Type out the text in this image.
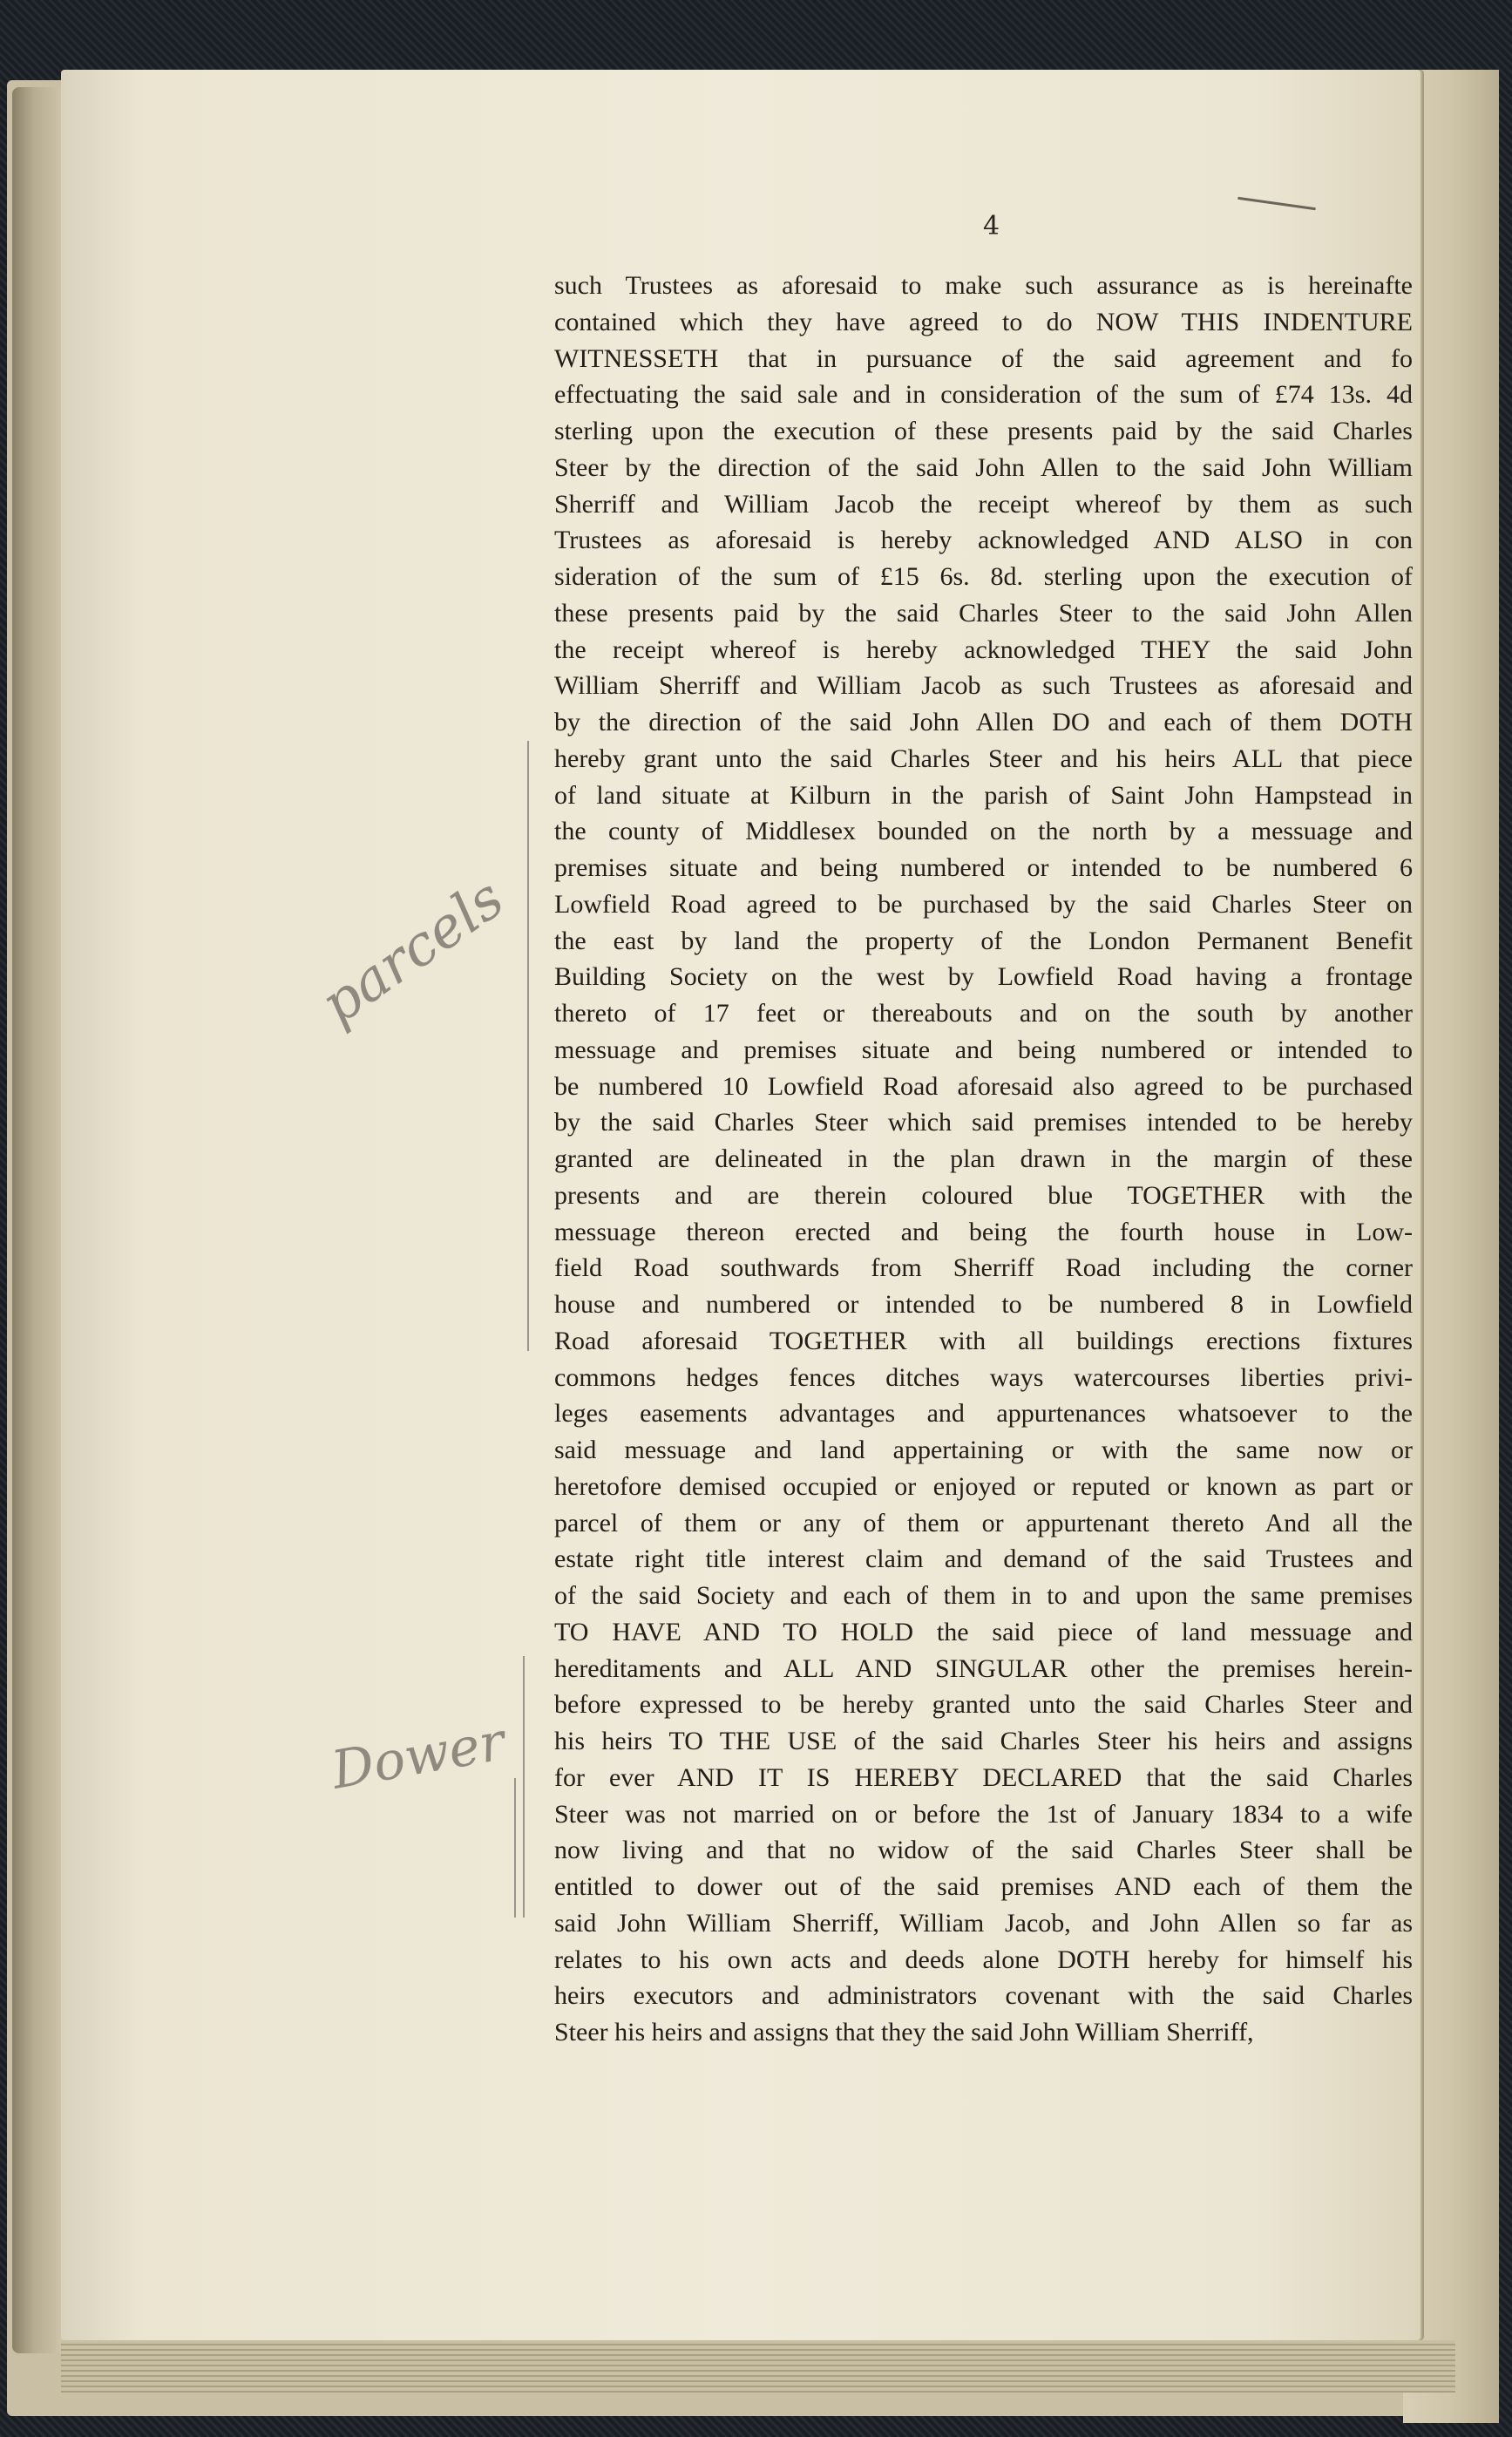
4
parcels
Dower
such Trustees as aforesaid to make such assurance as is hereinafte
contained which they have agreed to do NOW THIS INDENTURE
WITNESSETH that in pursuance of the said agreement and fo
effectuating the said sale and in consideration of the sum of £74 13s. 4d
sterling upon the execution of these presents paid by the said Charles
Steer by the direction of the said John Allen to the said John William
Sherriff and William Jacob the receipt whereof by them as such
Trustees as aforesaid is hereby acknowledged AND ALSO in con
sideration of the sum of £15 6s. 8d. sterling upon the execution of
these presents paid by the said Charles Steer to the said John Allen
the receipt whereof is hereby acknowledged THEY the said John
William Sherriff and William Jacob as such Trustees as aforesaid and
by the direction of the said John Allen DO and each of them DOTH
hereby grant unto the said Charles Steer and his heirs ALL that piece
of land situate at Kilburn in the parish of Saint John Hampstead in
the county of Middlesex bounded on the north by a messuage and
premises situate and being numbered or intended to be numbered 6
Lowfield Road agreed to be purchased by the said Charles Steer on
the east by land the property of the London Permanent Benefit
Building Society on the west by Lowfield Road having a frontage
thereto of 17 feet or thereabouts and on the south by another
messuage and premises situate and being numbered or intended to
be numbered 10 Lowfield Road aforesaid also agreed to be purchased
by the said Charles Steer which said premises intended to be hereby
granted are delineated in the plan drawn in the margin of these
presents and are therein coloured blue TOGETHER with the
messuage thereon erected and being the fourth house in Low-
field Road southwards from Sherriff Road including the corner
house and numbered or intended to be numbered 8 in Lowfield
Road aforesaid TOGETHER with all buildings erections fixtures
commons hedges fences ditches ways watercourses liberties privi-
leges easements advantages and appurtenances whatsoever to the
said messuage and land appertaining or with the same now or
heretofore demised occupied or enjoyed or reputed or known as part or
parcel of them or any of them or appurtenant thereto And all the
estate right title interest claim and demand of the said Trustees and
of the said Society and each of them in to and upon the same premises
TO HAVE AND TO HOLD the said piece of land messuage and
hereditaments and ALL AND SINGULAR other the premises herein-
before expressed to be hereby granted unto the said Charles Steer and
his heirs TO THE USE of the said Charles Steer his heirs and assigns
for ever AND IT IS HEREBY DECLARED that the said Charles
Steer was not married on or before the 1st of January 1834 to a wife
now living and that no widow of the said Charles Steer shall be
entitled to dower out of the said premises AND each of them the
said John William Sherriff, William Jacob, and John Allen so far as
relates to his own acts and deeds alone DOTH hereby for himself his
heirs executors and administrators covenant with the said Charles
Steer his heirs and assigns that they the said John William Sherriff,
